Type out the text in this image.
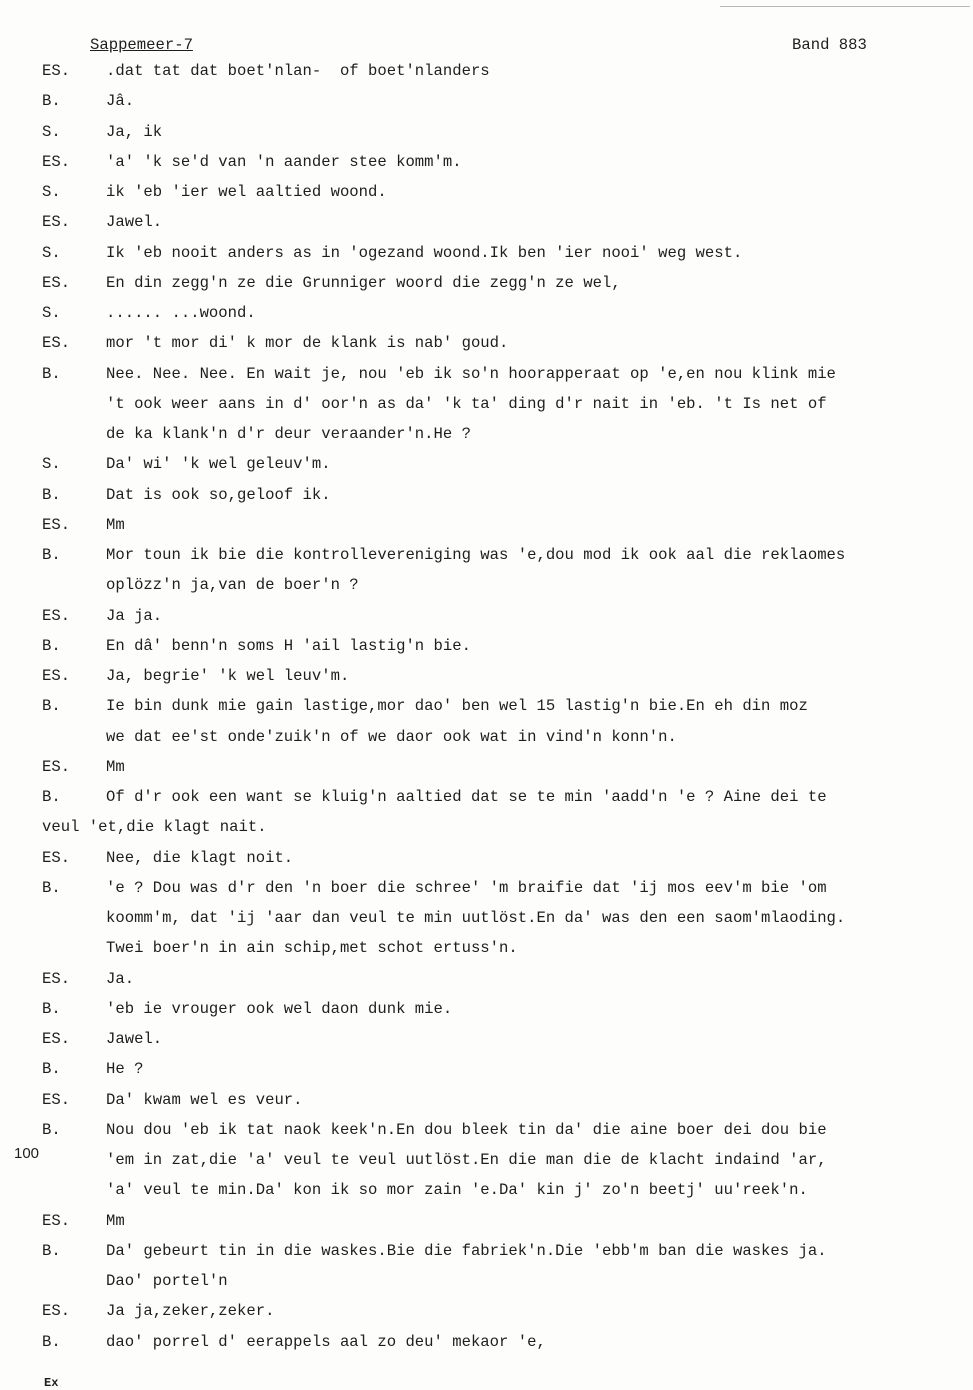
Sappemeer-7	Band 883
ES. .dat tat dat boet'nlan-  of boet'nlanders
B.	Jâ.
S.	Ja, ik
ES. 'a' 'k se'd van 'n aander stee komm'm.
S.	ik 'eb 'ier wel aaltied woond.
ES. Jawel.
S.	Ik 'eb nooit anders as in 'ogezand woond.Ik ben 'ier nooi' weg west.
ES. En din zegg'n ze die Grunniger woord die zegg'n ze wel,
S.	...... ...woond.
ES. mor 't mor di' k mor de klank is nab' goud.
B.	Nee. Nee. Nee. En wait je, nou 'eb ik so'n hoorapperaat op 'e,en nou klink mie
't ook weer aans in d' oor'n as da' 'k ta' ding d'r nait in 'eb. 't Is net of
de ka klank'n d'r deur veraander'n.He ?
S.	Da' wi' 'k wel geleuv'm.
B.	Dat is ook so,geloof ik.
ES. Mm
B.	Mor toun ik bie die kontrollevereniging was 'e,dou mod ik ook aal die reklaomes
oplözz'n ja,van de boer'n ?
ES. Ja ja.
B.	En dâ' benn'n soms H 'ail lastig'n bie.
ES. Ja, begrie' 'k wel leuv'm.
B.	Ie bin dunk mie gain lastige,mor dao' ben wel 15 lastig'n bie.En eh din moz
we dat ee'st onde'zuik'n of we daor ook wat in vind'n konn'n.
ES. Mm
B.	Of d'r ook een want se kluig'n aaltied dat se te min 'aadd'n 'e ? Aine dei te
veul 'et,die klagt nait.
ES. Nee, die klagt noit.
B.	'e ? Dou was d'r den 'n boer die schree' 'm braifie dat 'ij mos eev'm bie 'om
koomm'm, dat 'ij 'aar dan veul te min uutlöst.En da' was den een saom'mlaoding.
Twei boer'n in ain schip,met schot ertuss'n.
ES. Ja.
B.	'eb ie vrouger ook wel daon dunk mie.
ES. Jawel.
B.	He ?
ES. Da' kwam wel es veur.
B.	Nou dou 'eb ik tat naok keek'n.En dou bleek tin da' die aine boer dei dou bie
'em in zat,die 'a' veul te veul uutlöst.En die man die de klacht indaind 'ar,
'a' veul te min.Da' kon ik so mor zain 'e.Da' kin j' zo'n beetj' uu'reek'n.
ES. Mm
B.	Da' gebeurt tin in die waskes.Bie die fabriek'n.Die 'ebb'm ban die waskes ja.
Dao' portel'n
ES. Ja ja,zeker,zeker.
B.	dao' porrel d' eerappels aal zo deu' mekaor 'e,
100
Ex
